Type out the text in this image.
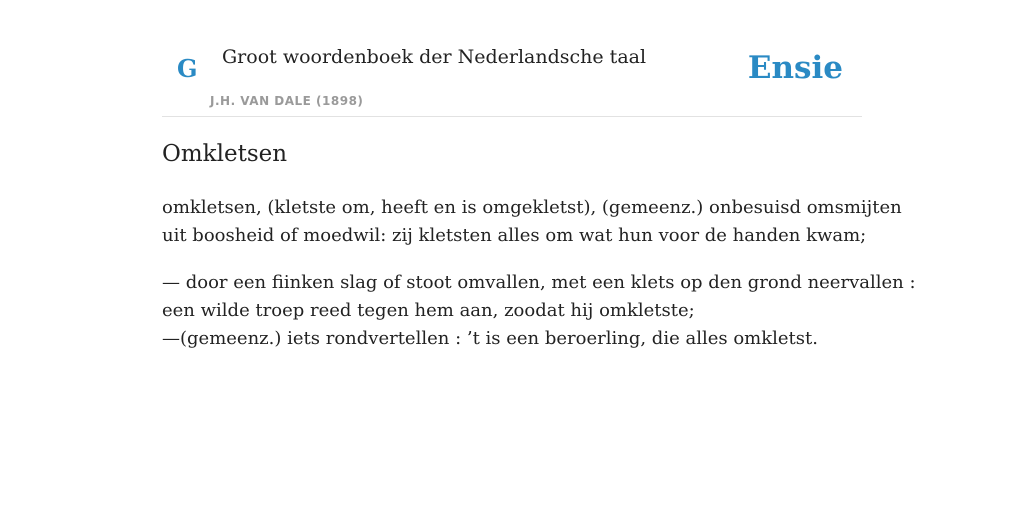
G Groot woordenboek der Nederlandsche taal
J.H. VAN DALE (1898)
Ensie
Omkletsen

omkletsen, (kletste om, heeft en is omgekletst), (gemeenz.) onbesuisd omsmijten
uit boosheid of moedwil: zij kletsten alles om wat hun voor de handen kwam;

— door een fiinken slag of stoot omvallen, met een klets op den grond neervallen :
een wilde troep reed tegen hem aan, zoodat hij omkletste;
—(gemeenz.) iets rondvertellen : ’t is een beroerling, die alles omkletst.
